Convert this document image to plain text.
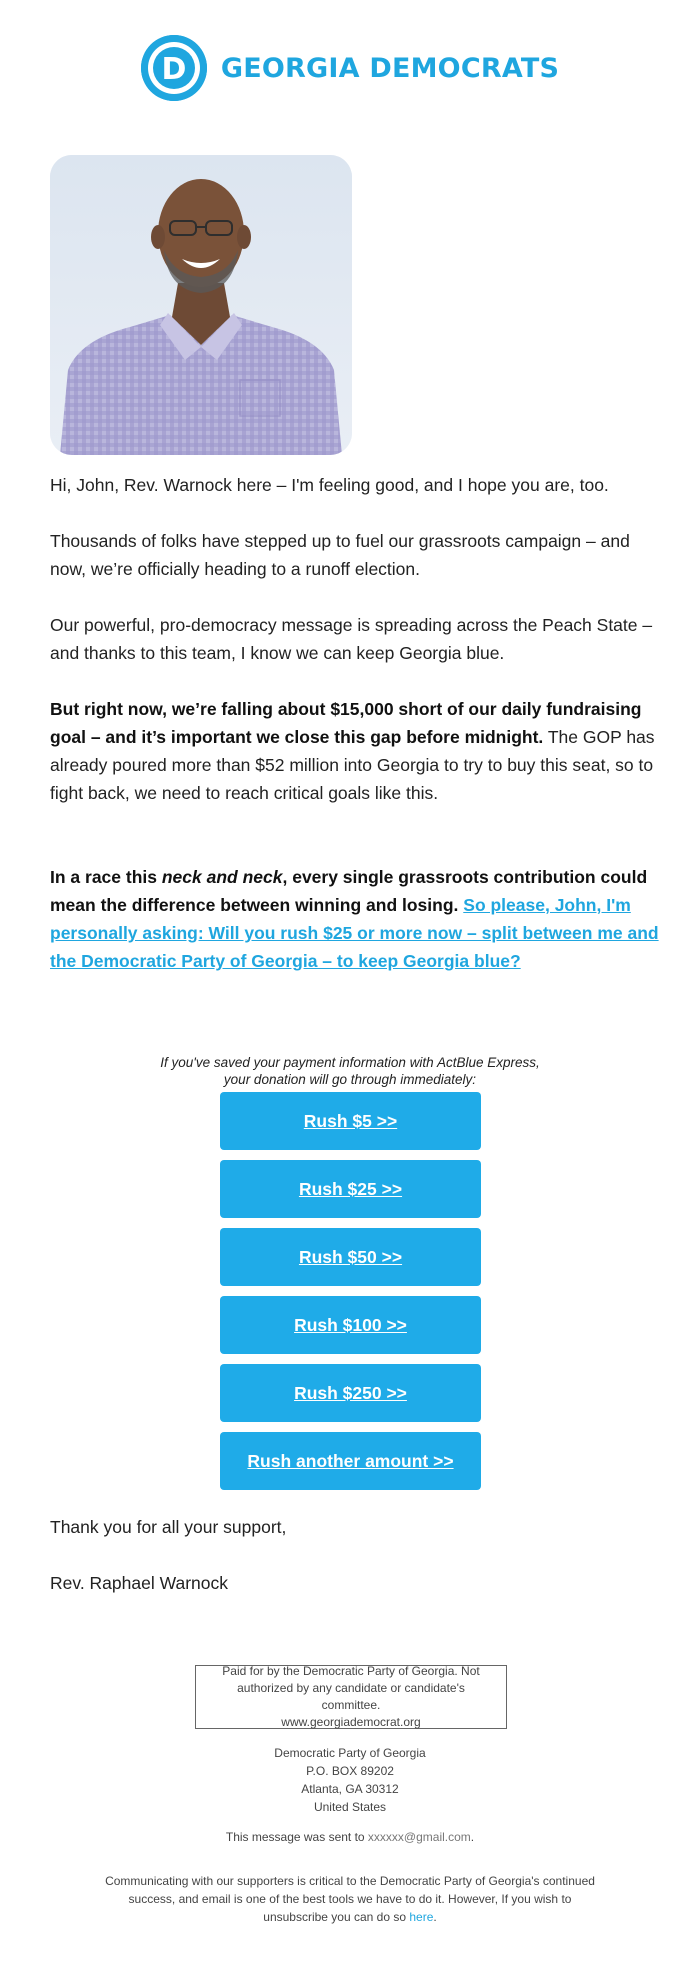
D GEORGIA DEMOCRATS

Hi, John, Rev. Warnock here – I'm feeling good, and I hope you are, too.

Thousands of folks have stepped up to fuel our grassroots campaign – and now, we’re officially heading to a runoff election.

Our powerful, pro-democracy message is spreading across the Peach State – and thanks to this team, I know we can keep Georgia blue.

But right now, we’re falling about $15,000 short of our daily fundraising goal – and it’s important we close this gap before midnight. The GOP has already poured more than $52 million into Georgia to try to buy this seat, so to fight back, we need to reach critical goals like this.

In a race this neck and neck, every single grassroots contribution could mean the difference between winning and losing. So please, John, I'm personally asking: Will you rush $25 or more now – split between me and the Democratic Party of Georgia – to keep Georgia blue?

If you've saved your payment information with ActBlue Express,
your donation will go through immediately:
Rush $5 >>
Rush $25 >>
Rush $50 >>
Rush $100 >>
Rush $250 >>
Rush another amount >>

Thank you for all your support,

Rev. Raphael Warnock

Paid for by the Democratic Party of Georgia. Not
authorized by any candidate or candidate's committee.
www.georgiademocrat.org
Democratic Party of Georgia
P.O. BOX 89202
Atlanta, GA 30312
United States
This message was sent to xxxxxx@gmail.com.
Communicating with our supporters is critical to the Democratic Party of Georgia's continued success, and email is one of the best tools we have to do it. However, If you wish to unsubscribe you can do so here.
